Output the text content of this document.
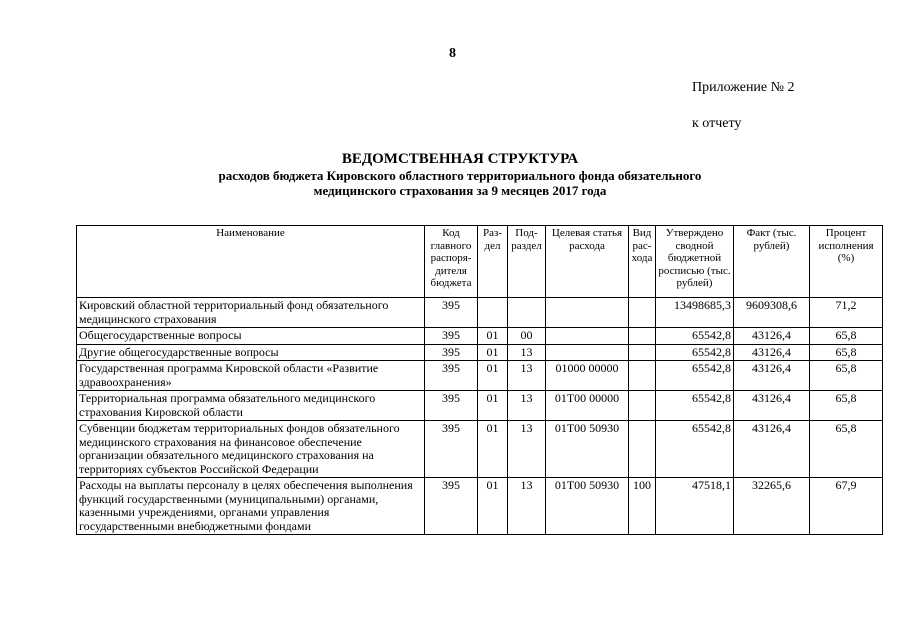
8
Приложение № 2
к отчету
ВЕДОМСТВЕННАЯ СТРУКТУРА
расходов бюджета Кировского областного территориального фонда обязательного
медицинского страхования за 9 месяцев 2017 года
Наименование	Код главного распоря-дителя бюджета	Раз-дел	Под-раздел	Целевая статья расхода	Вид рас-хода	Утверждено сводной бюджетной росписью (тыс. рублей)	Факт (тыс. рублей)	Процент исполнения (%)
Кировский областной территориальный фонд обязательного медицинского страхования	395					13498685,3	9609308,6	71,2
Общегосударственные вопросы	395	01	00			65542,8	43126,4	65,8
Другие общегосударственные вопросы	395	01	13			65542,8	43126,4	65,8
Государственная программа Кировской области «Развитие здравоохранения»	395	01	13	01000 00000		65542,8	43126,4	65,8
Территориальная программа обязательного медицинского страхования Кировской области	395	01	13	01Т00 00000		65542,8	43126,4	65,8
Субвенции бюджетам территориальных фондов обязательного медицинского страхования на финансовое обеспечение организации обязательного медицинского страхования на территориях субъектов Российской Федерации	395	01	13	01Т00 50930		65542,8	43126,4	65,8
Расходы на выплаты персоналу в целях обеспечения выполнения функций государственными (муниципальными) органами, казенными учреждениями, органами управления государственными внебюджетными фондами	395	01	13	01Т00 50930	100	47518,1	32265,6	67,9
